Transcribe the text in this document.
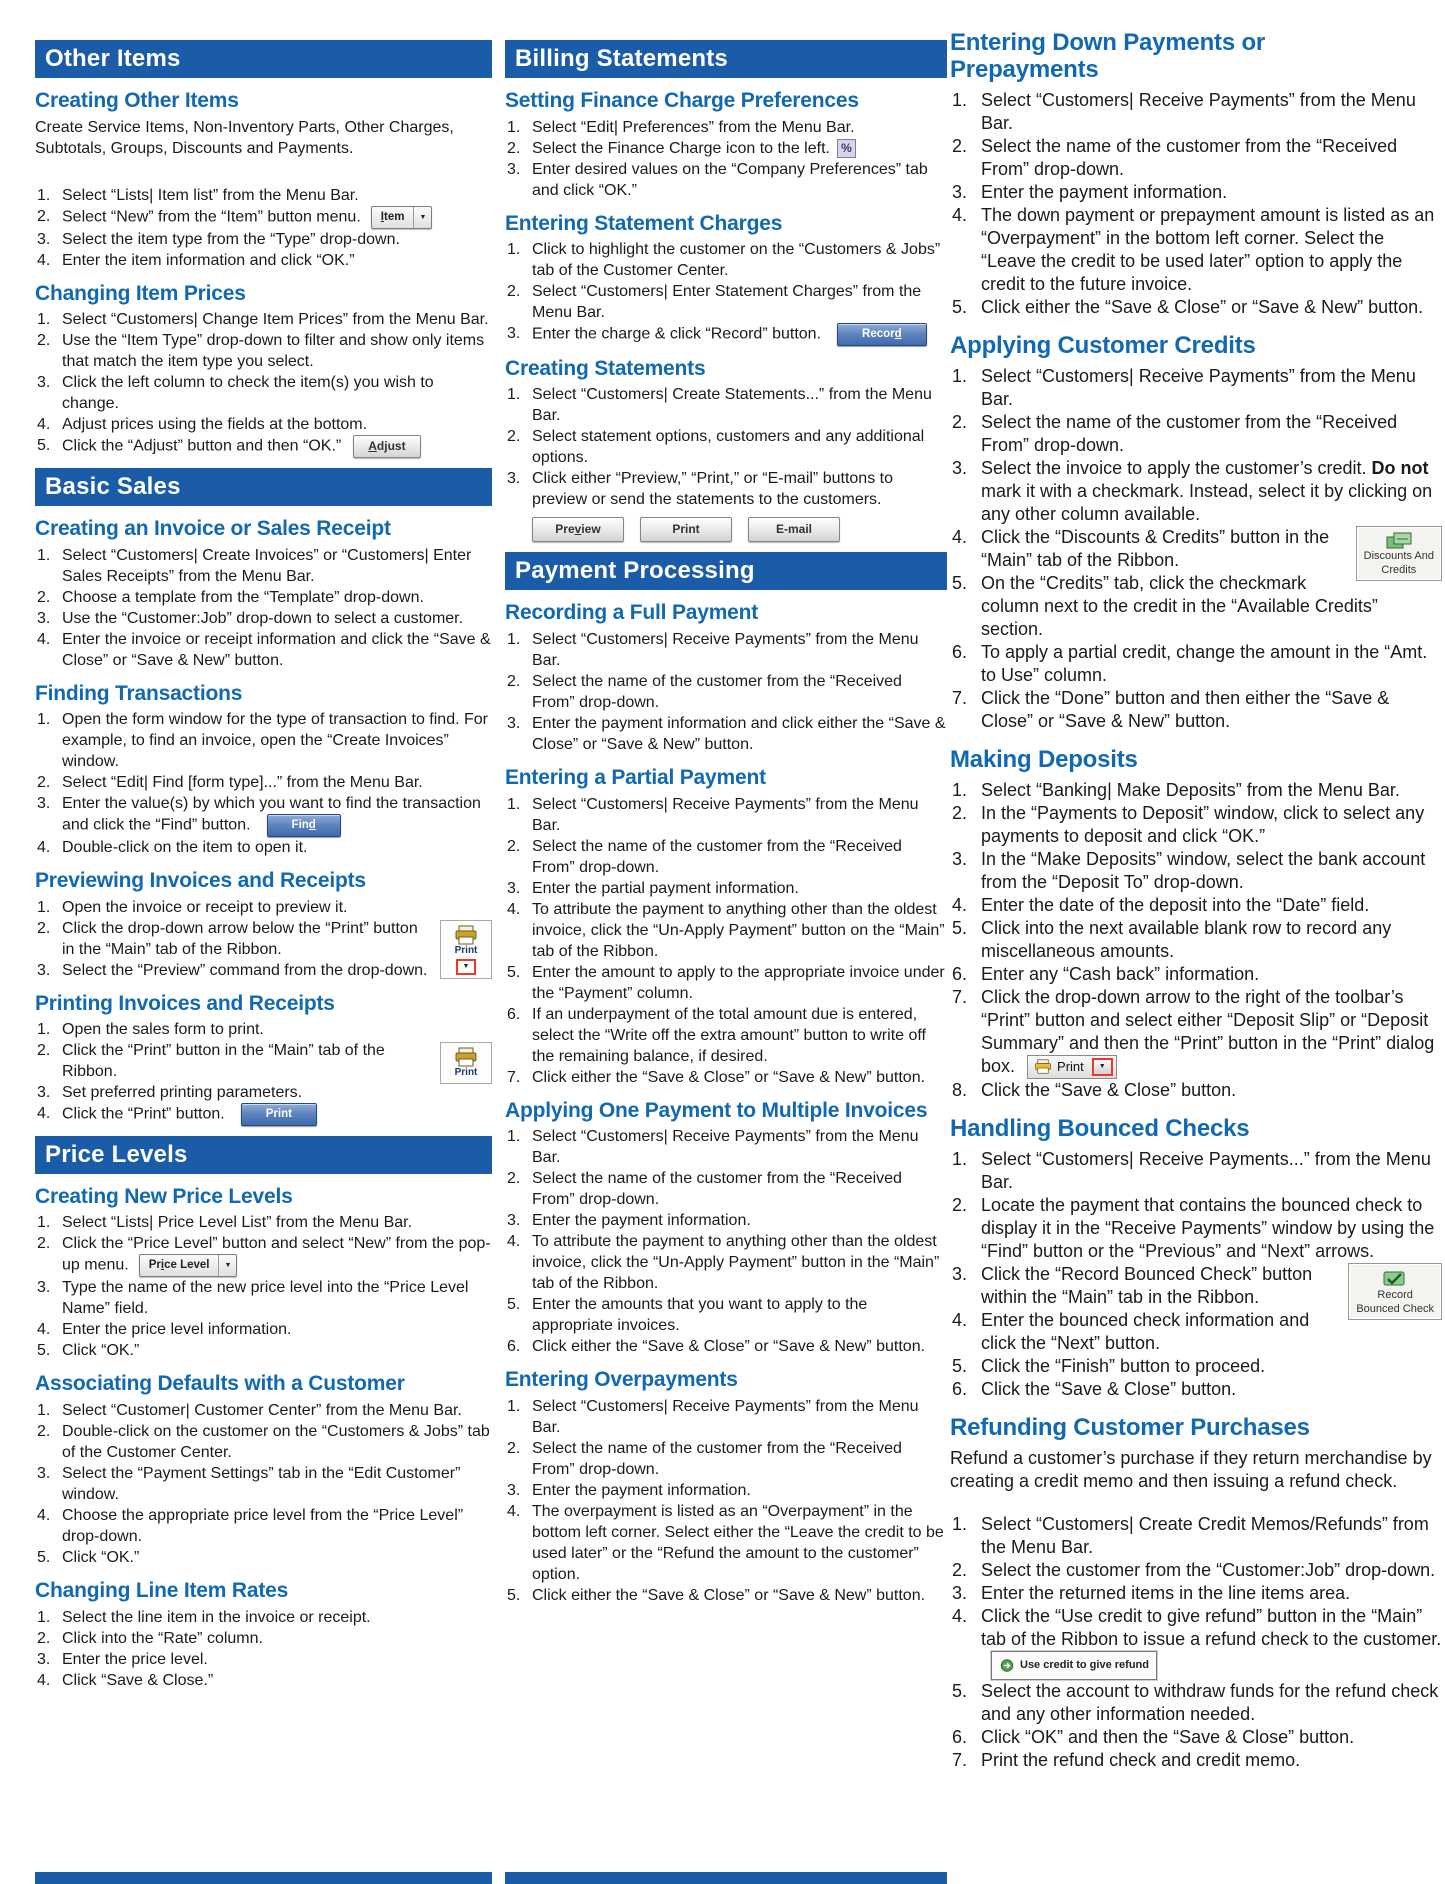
Other Items
Creating Other Items

Create Service Items, Non-Inventory Parts, Other Charges, Subtotals, Groups, Discounts and Payments.

1. Select “Lists| Item list” from the Menu Bar.
2. Select “New” from the “Item” button menu.	Item	▼
3. Select the item type from the “Type” drop-down.
4. Enter the item information and click “OK.”
Changing Item Prices
1. Select “Customers| Change Item Prices” from the Menu Bar.
2. Use the “Item Type” drop-down to filter and show only items that match the item type you select.
3. Click the left column to check the item(s) you wish to change.
4. Adjust prices using the fields at the bottom.
5. Click the “Adjust” button and then “OK.” Adjust
Basic Sales
Creating an Invoice or Sales Receipt
1. Select “Customers| Create Invoices” or “Customers| Enter Sales Receipts” from the Menu Bar.
2. Choose a template from the “Template” drop-down.
3. Use the “Customer:Job” drop-down to select a customer.
4. Enter the invoice or receipt information and click the “Save & Close” or “Save & New” button.
Finding Transactions
1. Open the form window for the type of transaction to find. For example, to find an invoice, open the “Create Invoices” window.
2. Select “Edit| Find [form type]...” from the Menu Bar.
3. Enter the value(s) by which you want to find the transaction and click the “Find” button.	Find
4. Double-click on the item to open it.
Previewing Invoices and Receipts
1. Open the invoice or receipt to preview it.
Print
▼
2. Click the drop-down arrow below the “Print” button in the “Main” tab of the Ribbon.
3. Select the “Preview” command from the drop-down.
Printing Invoices and Receipts
1. Open the sales form to print.
Print
2. Click the “Print” button in the “Main” tab of the Ribbon.
3. Set preferred printing parameters.
4. Click the “Print” button.	Print
Price Levels
Creating New Price Levels
1. Select “Lists| Price Level List” from the Menu Bar.
2. Click the “Price Level” button and select “New” from the pop-up menu.	Price Level	▼
3. Type the name of the new price level into the “Price Level Name” field.
4. Enter the price level information.
5. Click “OK.”
Associating Defaults with a Customer
1. Select “Customer| Customer Center” from the Menu Bar.
2. Double-click on the customer on the “Customers & Jobs” tab of the Customer Center.
3. Select the “Payment Settings” tab in the “Edit Customer” window.
4. Choose the appropriate price level from the “Price Level” drop-down.
5. Click “OK.”
Changing Line Item Rates
1. Select the line item in the invoice or receipt.
2. Click into the “Rate” column.
3. Enter the price level.
4. Click “Save & Close.”
Billing Statements
Setting Finance Charge Preferences
1. Select “Edit| Preferences” from the Menu Bar.
2. Select the Finance Charge icon to the left. %
3. Enter desired values on the “Company Preferences” tab and click “OK.”
Entering Statement Charges
1. Click to highlight the customer on the “Customers & Jobs” tab of the Customer Center.
2. Select “Customers| Enter Statement Charges” from the Menu Bar.
3. Enter the charge & click “Record” button.	Record
Creating Statements
1. Select “Customers| Create Statements...” from the Menu Bar.
2. Select statement options, customers and any additional options.
3. Click either “Preview,” “Print,” or “E-mail” buttons to preview or send the statements to the customers.
Preview	Print	E-mail
Payment Processing
Recording a Full Payment
1. Select “Customers| Receive Payments” from the Menu Bar.
2. Select the name of the customer from the “Received From” drop-down.
3. Enter the payment information and click either the “Save & Close” or “Save & New” button.
Entering a Partial Payment
1. Select “Customers| Receive Payments” from the Menu Bar.
2. Select the name of the customer from the “Received From” drop-down.
3. Enter the partial payment information.
4. To attribute the payment to anything other than the oldest invoice, click the “Un-Apply Payment” button on the “Main” tab of the Ribbon.
5. Enter the amount to apply to the appropriate invoice under the “Payment” column.
6. If an underpayment of the total amount due is entered, select the “Write off the extra amount” button to write off the remaining balance, if desired.
7. Click either the “Save & Close” or “Save & New” button.
Applying One Payment to Multiple Invoices
1. Select “Customers| Receive Payments” from the Menu Bar.
2. Select the name of the customer from the “Received From” drop-down.
3. Enter the payment information.
4. To attribute the payment to anything other than the oldest invoice, click the “Un-Apply Payment” button in the “Main” tab of the Ribbon.
5. Enter the amounts that you want to apply to the appropriate invoices.
6. Click either the “Save & Close” or “Save & New” button.
Entering Overpayments
1. Select “Customers| Receive Payments” from the Menu Bar.
2. Select the name of the customer from the “Received From” drop-down.
3. Enter the payment information.
4. The overpayment is listed as an “Overpayment” in the bottom left corner. Select either the “Leave the credit to be used later” or the “Refund the amount to the customer” option.
5. Click either the “Save & Close” or “Save & New” button.
Entering Down Payments or Prepayments
1. Select “Customers| Receive Payments” from the Menu Bar.
2. Select the name of the customer from the “Received From” drop-down.
3. Enter the payment information.
4. The down payment or prepayment amount is listed as an “Overpayment” in the bottom left corner. Select the “Leave the credit to be used later” option to apply the credit to the future invoice.
5. Click either the “Save & Close” or “Save & New” button.
Applying Customer Credits
1. Select “Customers| Receive Payments” from the Menu Bar.
2. Select the name of the customer from the “Received From” drop-down.
3. Select the invoice to apply the customer’s credit. Do not mark it with a checkmark. Instead, select it by clicking on any other column available.
Discounts And
Credits
4. Click the “Discounts & Credits” button in the “Main” tab of the Ribbon.
5. On the “Credits” tab, click the checkmark column next to the credit in the “Available Credits” section.
6. To apply a partial credit, change the amount in the “Amt. to Use” column.
7. Click the “Done” button and then either the “Save & Close” or “Save & New” button.
Making Deposits
1. Select “Banking| Make Deposits” from the Menu Bar.
2. In the “Payments to Deposit” window, click to select any payments to deposit and click “OK.”
3. In the “Make Deposits” window, select the bank account from the “Deposit To” drop-down.
4. Enter the date of the deposit into the “Date” field.
5. Click into the next available blank row to record any miscellaneous amounts.
6. Enter any “Cash back” information.
7. Click the drop-down arrow to the right of the toolbar’s “Print” button and select either “Deposit Slip” or “Deposit Summary” and then the “Print” button in the “Print” dialog box.	Print	▼
8. Click the “Save & Close” button.
Handling Bounced Checks
1. Select “Customers| Receive Payments...” from the Menu Bar.
2. Locate the payment that contains the bounced check to display it in the “Receive Payments” window by using the “Find” button or the “Previous” and “Next” arrows.
Record
Bounced Check
3. Click the “Record Bounced Check” button within the “Main” tab in the Ribbon.
4. Enter the bounced check information and click the “Next” button.
5. Click the “Finish” button to proceed.
6. Click the “Save & Close” button.
Refunding Customer Purchases

Refund a customer’s purchase if they return merchandise by creating a credit memo and then issuing a refund check.

1. Select “Customers| Create Credit Memos/Refunds” from the Menu Bar.
2. Select the customer from the “Customer:Job” drop-down.
3. Enter the returned items in the line items area.
4. Click the “Use credit to give refund” button in the “Main” tab of the Ribbon to issue a refund check to the customer.
Use credit to give refund
5. Select the account to withdraw funds for the refund check and any other information needed.
6. Click “OK” and then the “Save & Close” button.
7. Print the refund check and credit memo.
